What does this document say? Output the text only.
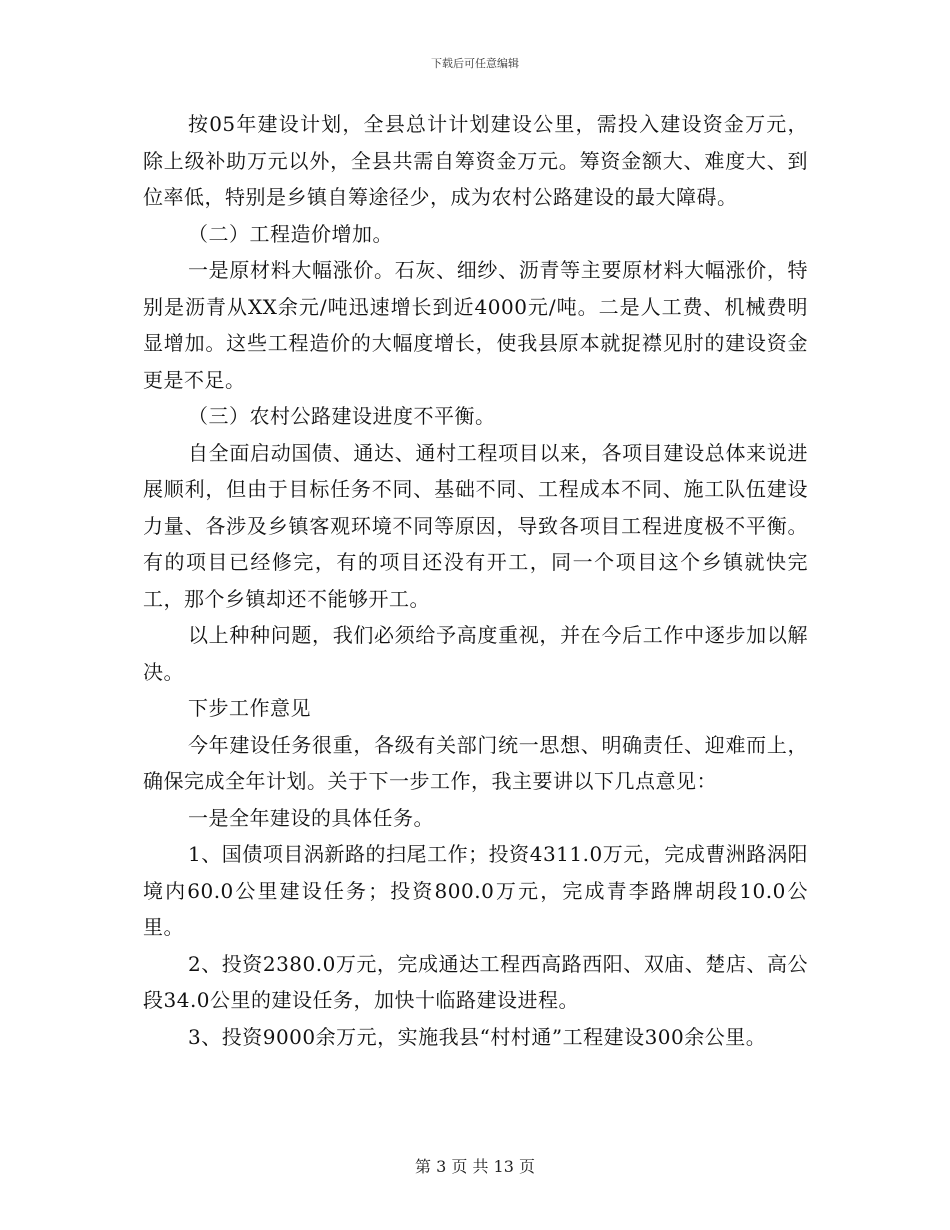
下载后可任意编辑

按05年建设计划，全县总计计划建设公里，需投入建设资金万元，除上级补助万元以外，全县共需自筹资金万元。筹资金额大、难度大、到位率低，特别是乡镇自筹途径少，成为农村公路建设的最大障碍。

（二）工程造价增加。

一是原材料大幅涨价。石灰、细纱、沥青等主要原材料大幅涨价，特别是沥青从XX余元/吨迅速增长到近4000元/吨。二是人工费、机械费明显增加。这些工程造价的大幅度增长，使我县原本就捉襟见肘的建设资金更是不足。

（三）农村公路建设进度不平衡。

自全面启动国债、通达、通村工程项目以来，各项目建设总体来说进展顺利，但由于目标任务不同、基础不同、工程成本不同、施工队伍建设力量、各涉及乡镇客观环境不同等原因，导致各项目工程进度极不平衡。有的项目已经修完，有的项目还没有开工，同一个项目这个乡镇就快完工，那个乡镇却还不能够开工。

以上种种问题，我们必须给予高度重视，并在今后工作中逐步加以解决。

下步工作意见

今年建设任务很重，各级有关部门统一思想、明确责任、迎难而上，确保完成全年计划。关于下一步工作，我主要讲以下几点意见：

一是全年建设的具体任务。

1、国债项目涡新路的扫尾工作；投资4311.0万元，完成曹洲路涡阳境内60.0公里建设任务；投资800.0万元，完成青李路牌胡段10.0公里。

2、投资2380.0万元，完成通达工程西高路西阳、双庙、楚店、高公段34.0公里的建设任务，加快十临路建设进程。

3、投资9000余万元，实施我县“村村通”工程建设300余公里。

第 3 页 共 13 页
